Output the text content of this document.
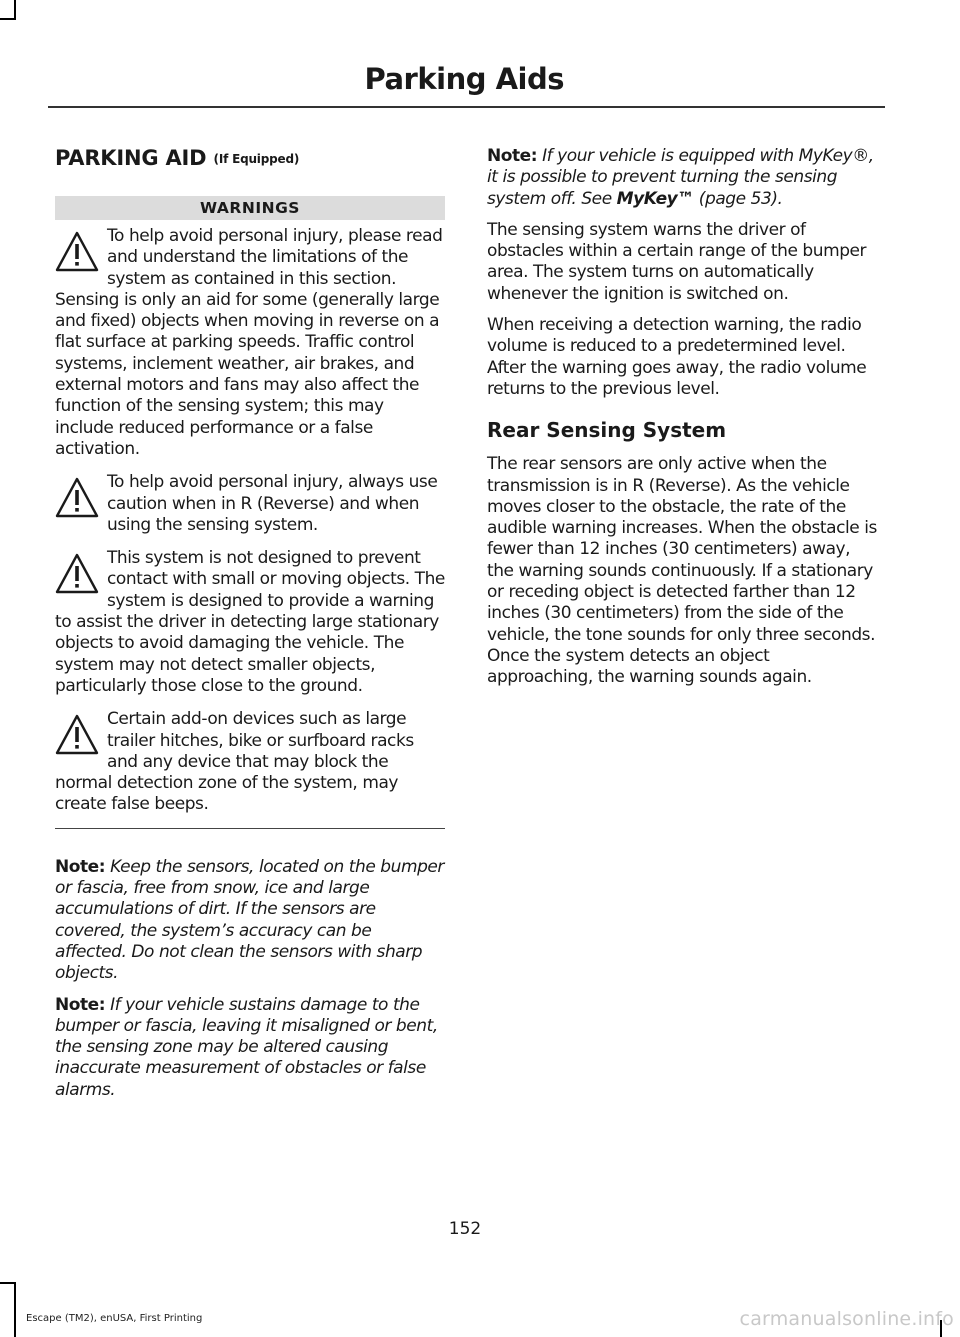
Parking Aids
PARKING AID (If Equipped)
WARNINGS
To help avoid personal injury, please read and understand the limitations of the system as contained in this section. Sensing is only an aid for some (generally large and fixed) objects when moving in reverse on a flat surface at parking speeds. Traffic control systems, inclement weather, air brakes, and external motors and fans may also affect the function of the sensing system; this may include reduced performance or a false activation.
To help avoid personal injury, always use caution when in R (Reverse) and when using the sensing system.
This system is not designed to prevent contact with small or moving objects. The system is designed to provide a warning to assist the driver in detecting large stationary objects to avoid damaging the vehicle. The system may not detect smaller objects, particularly those close to the ground.
Certain add-on devices such as large trailer hitches, bike or surfboard racks and any device that may block the normal detection zone of the system, may create false beeps.

Note: Keep the sensors, located on the bumper or fascia, free from snow, ice and large accumulations of dirt. If the sensors are covered, the system’s accuracy can be affected. Do not clean the sensors with sharp objects.

Note: If your vehicle sustains damage to the bumper or fascia, leaving it misaligned or bent, the sensing zone may be altered causing inaccurate measurement of obstacles or false alarms.

Note: If your vehicle is equipped with MyKey®, it is possible to prevent turning the sensing system off. See MyKey™ (page 53).

The sensing system warns the driver of obstacles within a certain range of the bumper area. The system turns on automatically whenever the ignition is switched on.

When receiving a detection warning, the radio volume is reduced to a predetermined level. After the warning goes away, the radio volume returns to the previous level.

Rear Sensing System

The rear sensors are only active when the transmission is in R (Reverse). As the vehicle moves closer to the obstacle, the rate of the audible warning increases. When the obstacle is fewer than 12 inches (30 centimeters) away, the warning sounds continuously. If a stationary or receding object is detected farther than 12 inches (30 centimeters) from the side of the vehicle, the tone sounds for only three seconds. Once the system detects an object approaching, the warning sounds again.

152
Escape (TM2), enUSA, First Printing	carmanualsonline.info
